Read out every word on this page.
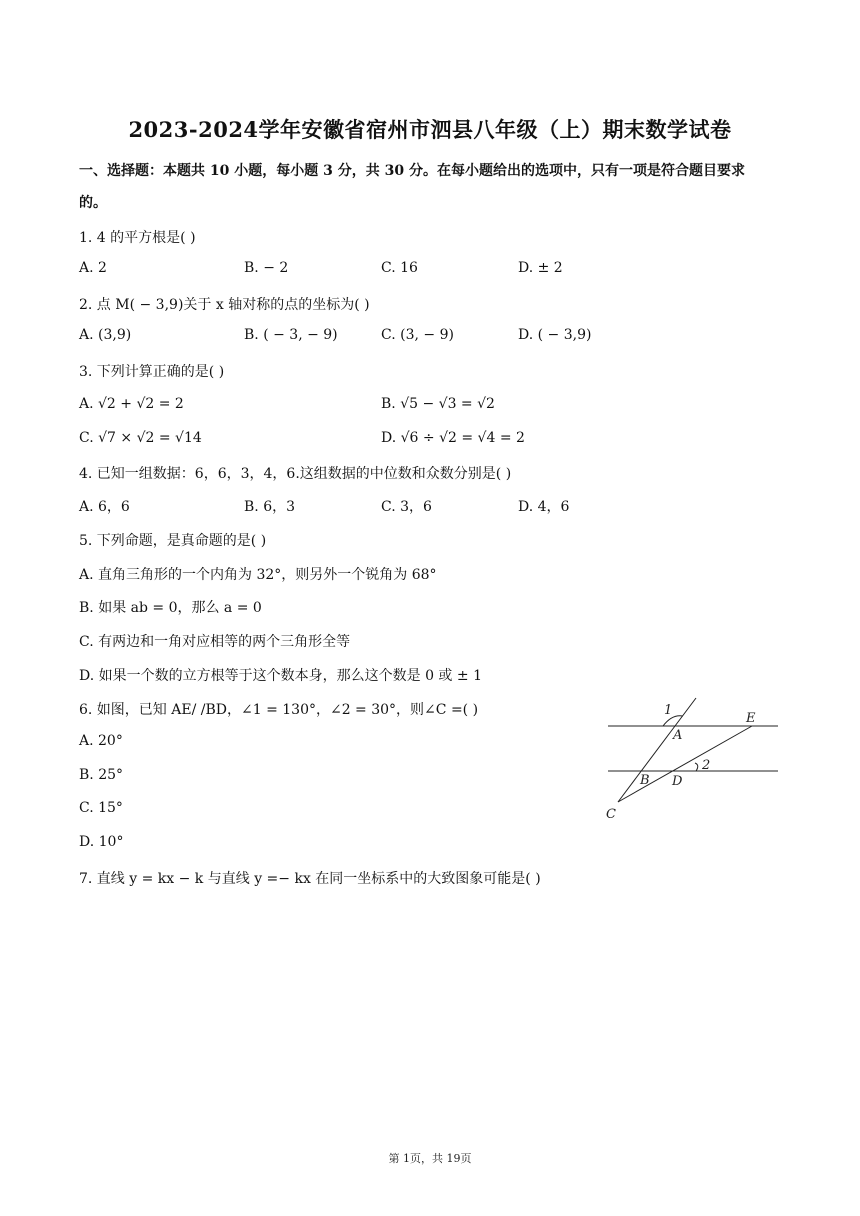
2023-2024学年安徽省宿州市泗县八年级（上）期末数学试卷
一、选择题：本题共 10 小题，每小题 3 分，共 30 分。在每小题给出的选项中，只有一项是符合题目要求
的。
1. 4 的平方根是( )
A. 2	B. − 2	C. 16	D. ± 2
2. 点 M( − 3,9)关于 x 轴对称的点的坐标为( )
A. (3,9)	B. ( − 3, − 9)	C. (3, − 9)	D. ( − 3,9)
3. 下列计算正确的是( )
A. √2 + √2 = 2	B. √5 − √3 = √2
C. √7 × √2 = √14	D. √6 ÷ √2 = √4 = 2
4. 已知一组数据：6，6，3，4，6.这组数据的中位数和众数分别是( )
A. 6，6	B. 6，3	C. 3，6	D. 4，6
5. 下列命题，是真命题的是( )
A. 直角三角形的一个内角为 32°，则另外一个锐角为 68°
B. 如果 ab = 0，那么 a = 0
C. 有两边和一角对应相等的两个三角形全等
D. 如果一个数的立方根等于这个数本身，那么这个数是 0 或 ± 1
6. 如图，已知 AE/ /BD，∠1 = 130°，∠2 = 30°，则∠C =( )
A. 20°
B. 25°
C. 15°
D. 10°
1
A
E
2
B D
C
7. 直线 y = kx − k 与直线 y =− kx 在同一坐标系中的大致图象可能是( )
第 1页，共 19页
